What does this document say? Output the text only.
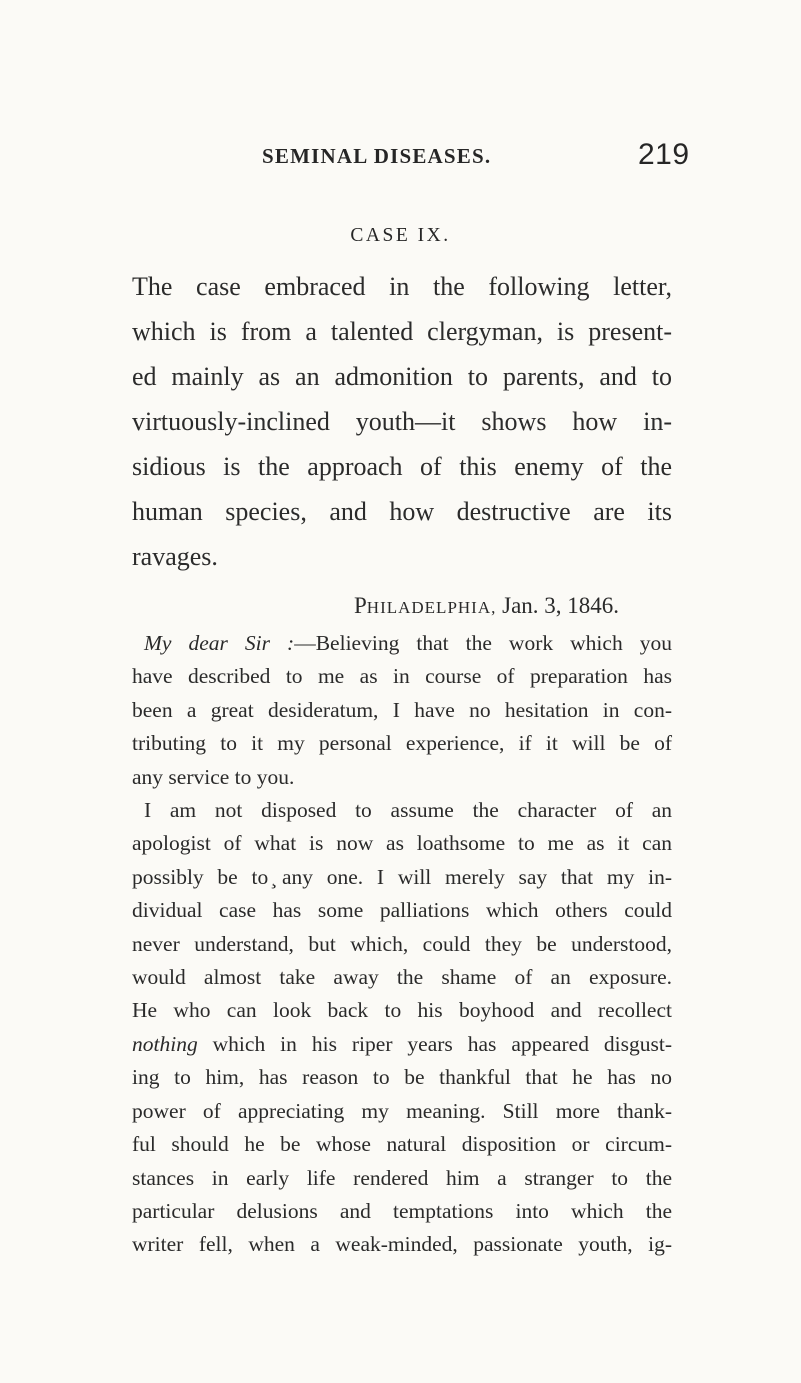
SEMINAL DISEASES.	219
CASE IX.

The case embraced in the following letter,
which is from a talented clergyman, is present-
ed mainly as an admonition to parents, and to
virtuously-inclined youth—it shows how in-
sidious is the approach of this enemy of the
human species, and how destructive are its
ravages.

PHILADELPHIA, Jan. 3, 1846.
My dear Sir :—Believing that the work which you
have described to me as in course of preparation has
been a great desideratum, I have no hesitation in con-
tributing to it my personal experience, if it will be of
any service to you.
I am not disposed to assume the character of an
apologist of what is now as loathsome to me as it can
possibly be to ̧any one. I will merely say that my in-
dividual case has some palliations which others could
never understand, but which, could they be understood,
would almost take away the shame of an exposure.
He who can look back to his boyhood and recollect
nothing which in his riper years has appeared disgust-
ing to him, has reason to be thankful that he has no
power of appreciating my meaning. Still more thank-
ful should he be whose natural disposition or circum-
stances in early life rendered him a stranger to the
particular delusions and temptations into which the
writer fell, when a weak-minded, passionate youth, ig-
